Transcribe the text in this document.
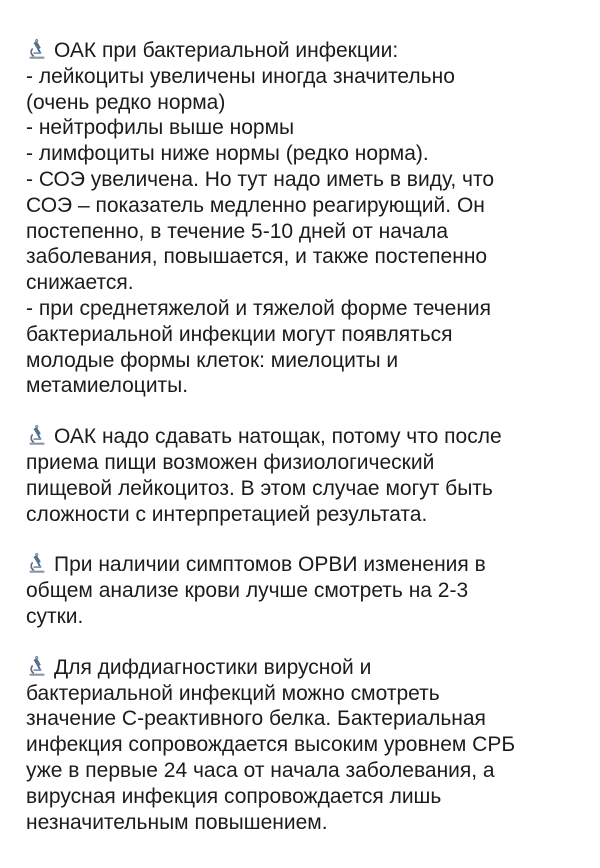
ОАК при бактериальной инфекции:
- лейкоциты увеличены иногда значительно
(очень редко норма)
- нейтрофилы выше нормы
- лимфоциты ниже нормы (редко норма).
- СОЭ увеличена. Но тут надо иметь в виду, что
СОЭ – показатель медленно реагирующий. Он
постепенно, в течение 5-10 дней от начала
заболевания, повышается, и также постепенно
снижается.
- при среднетяжелой и тяжелой форме течения
бактериальной инфекции могут появляться
молодые формы клеток: миелоциты и
метамиелоциты.

ОАК надо сдавать натощак, потому что после
приема пищи возможен физиологический
пищевой лейкоцитоз. В этом случае могут быть
сложности с интерпретацией результата.

При наличии симптомов ОРВИ изменения в
общем анализе крови лучше смотреть на 2-3
сутки.

Для дифдиагностики вирусной и
бактериальной инфекций можно смотреть
значение С-реактивного белка. Бактериальная
инфекция сопровождается высоким уровнем СРБ
уже в первые 24 часа от начала заболевания, а
вирусная инфекция сопровождается лишь
незначительным повышением.
